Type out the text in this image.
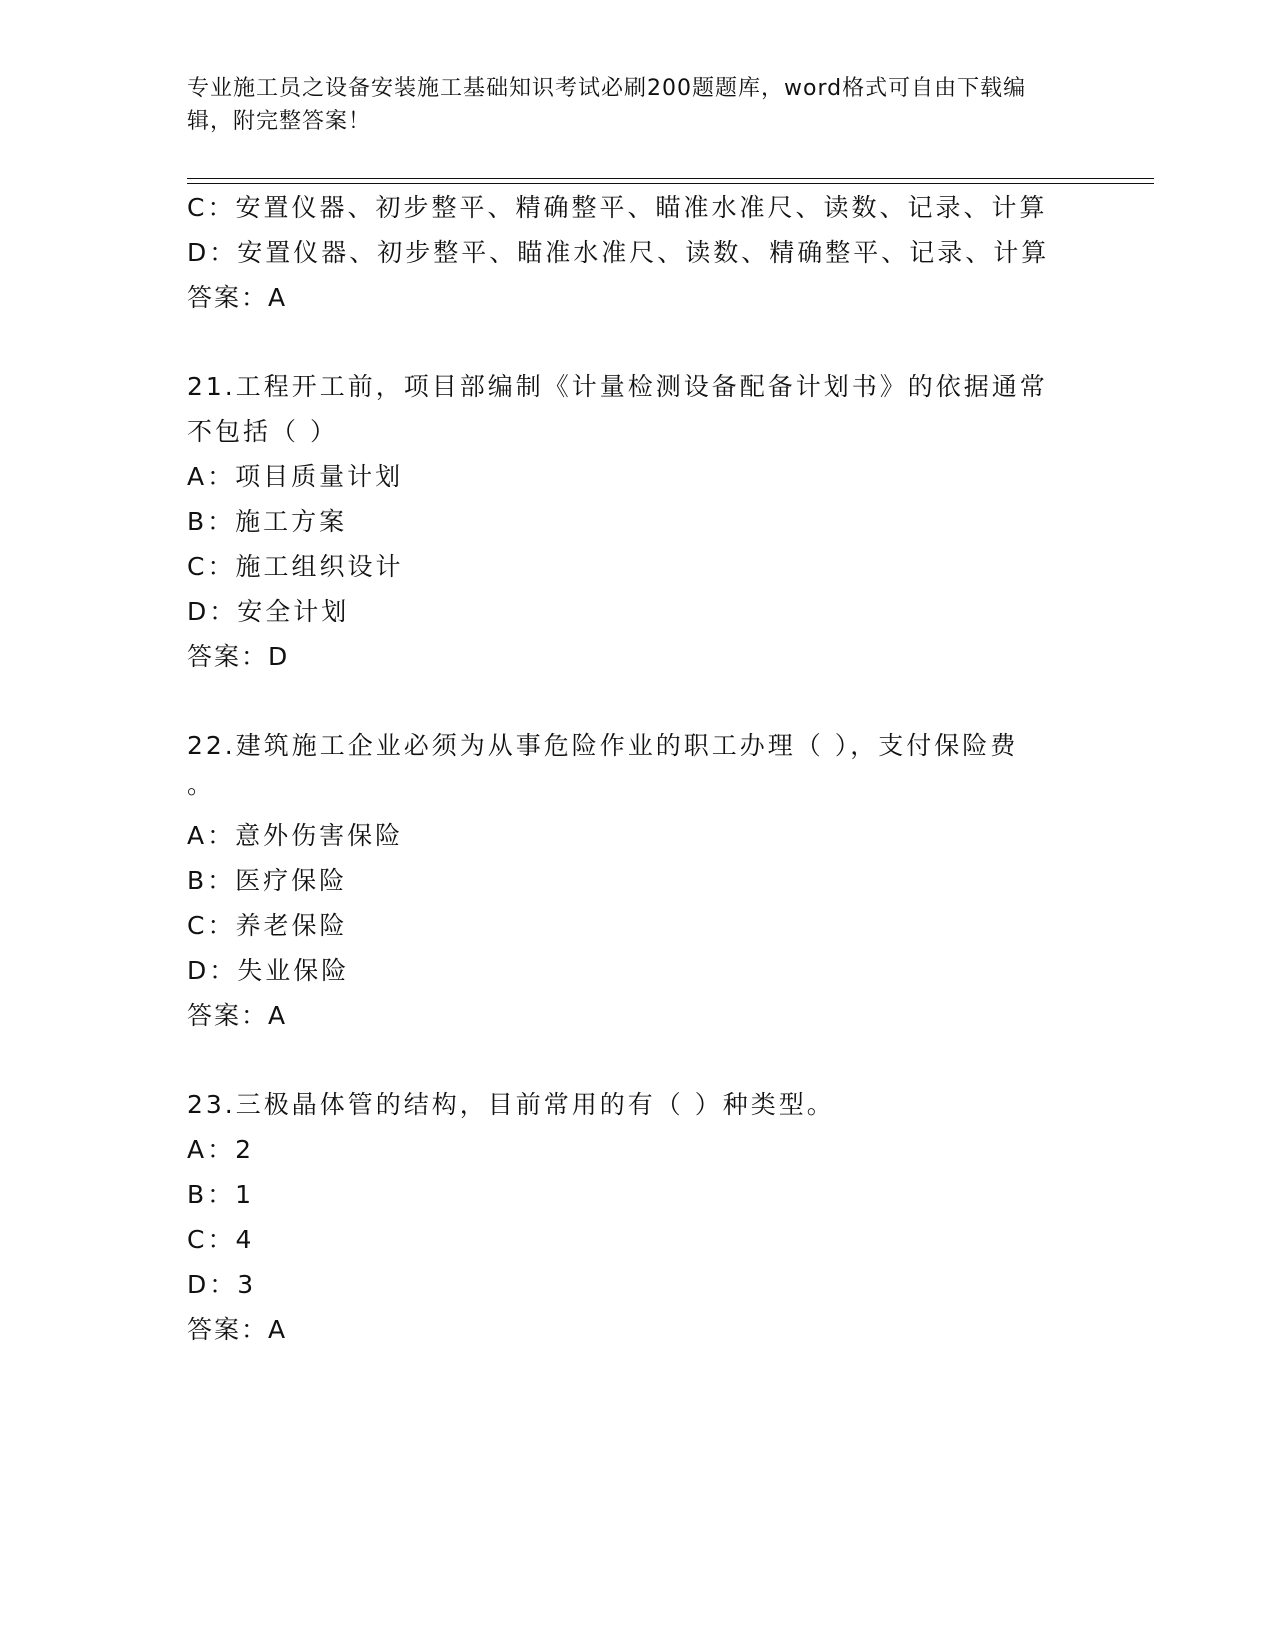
专业施工员之设备安装施工基础知识考试必刷200题题库，word格式可自由下载编辑，附完整答案！
C：安置仪器、初步整平、精确整平、瞄准水准尺、读数、记录、计算
D：安置仪器、初步整平、瞄准水准尺、读数、精确整平、记录、计算
答案：A
21.工程开工前，项目部编制《计量检测设备配备计划书》的依据通常
不包括（ ）
A：项目质量计划
B：施工方案
C：施工组织设计
D：安全计划
答案：D
22.建筑施工企业必须为从事危险作业的职工办理（ ），支付保险费
。
A：意外伤害保险
B：医疗保险
C：养老保险
D：失业保险
答案：A
23.三极晶体管的结构，目前常用的有（ ）种类型。
A：2
B：1
C：4
D：3
答案：A
